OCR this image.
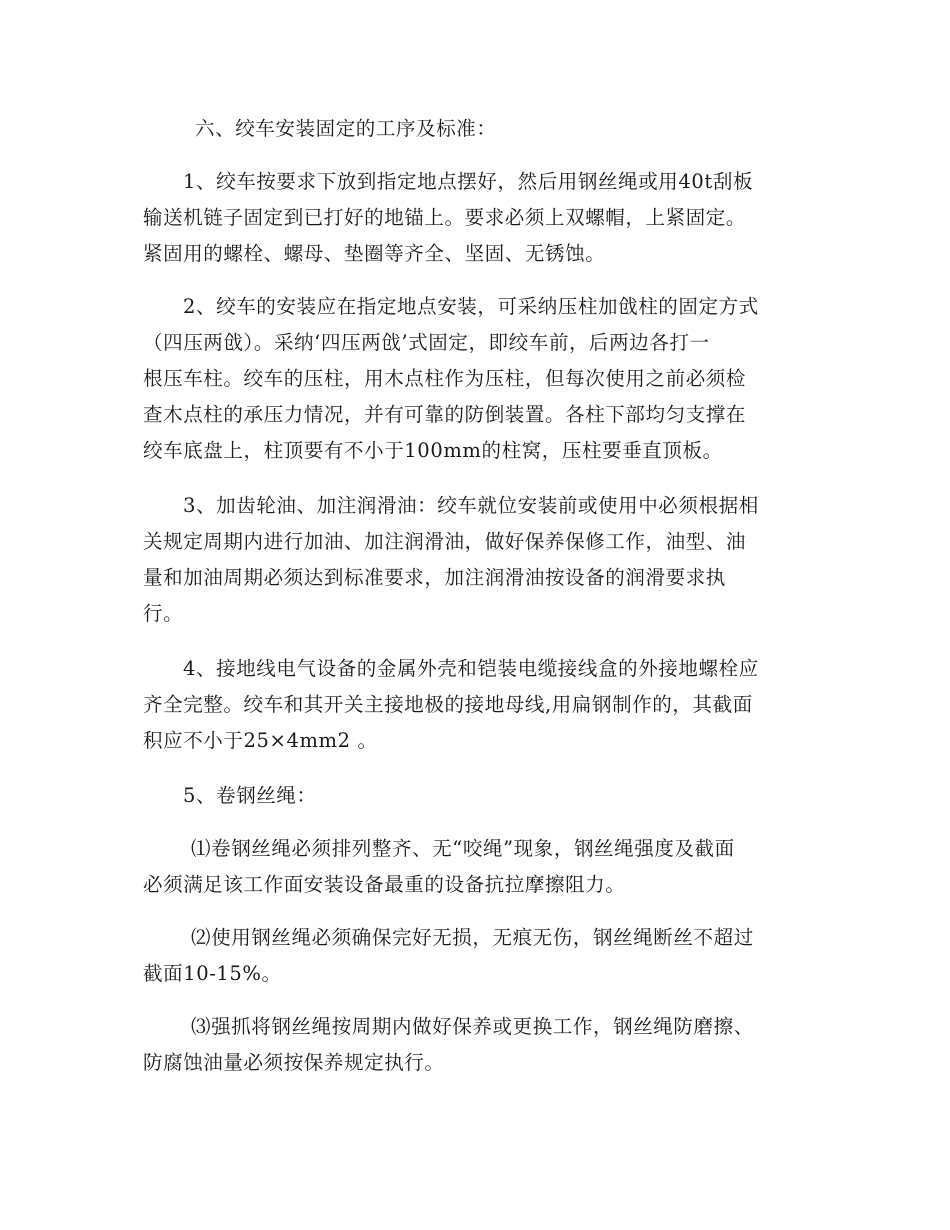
六、绞车安装固定的工序及标准：
1、绞车按要求下放到指定地点摆好，然后用钢丝绳或用40t刮板
输送机链子固定到已打好的地锚上。要求必须上双螺帽，上紧固定。
紧固用的螺栓、螺母、垫圈等齐全、坚固、无锈蚀。
2、绞车的安装应在指定地点安装，可采纳压柱加戗柱的固定方式
（四压两戗）。采纳‘四压两戗’式固定，即绞车前，后两边各打一
根压车柱。绞车的压柱，用木点柱作为压柱，但每次使用之前必须检
查木点柱的承压力情况，并有可靠的防倒装置。各柱下部均匀支撑在
绞车底盘上，柱顶要有不小于100mm的柱窝，压柱要垂直顶板。
3、加齿轮油、加注润滑油：绞车就位安装前或使用中必须根据相
关规定周期内进行加油、加注润滑油，做好保养保修工作，油型、油
量和加油周期必须达到标准要求，加注润滑油按设备的润滑要求执
行。
4、接地线电气设备的金属外壳和铠装电缆接线盒的外接地螺栓应
齐全完整。绞车和其开关主接地极的接地母线,用扁钢制作的，其截面
积应不小于25×4mm2 。
5、卷钢丝绳：
⑴卷钢丝绳必须排列整齐、无“咬绳”现象，钢丝绳强度及截面
必须满足该工作面安装设备最重的设备抗拉摩擦阻力。
⑵使用钢丝绳必须确保完好无损，无痕无伤，钢丝绳断丝不超过
截面10-15%。
⑶强抓将钢丝绳按周期内做好保养或更换工作，钢丝绳防磨擦、
防腐蚀油量必须按保养规定执行。
